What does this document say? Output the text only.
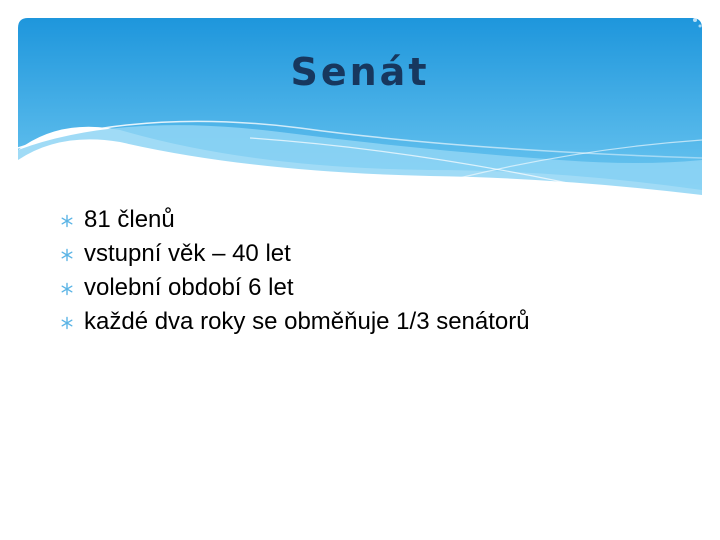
Senát
81 členů
vstupní věk – 40 let
volební období 6 let
každé dva roky se obměňuje 1/3 senátorů
